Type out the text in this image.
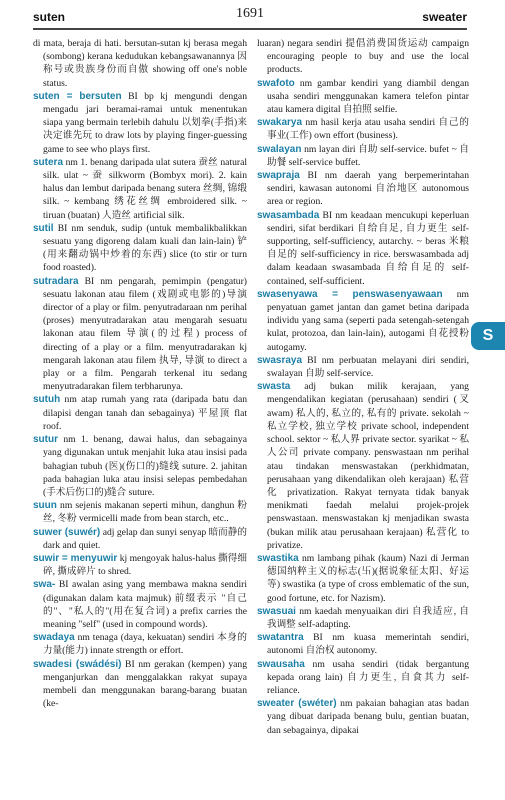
suten	1691	sweater
di mata, beraja di hati. bersutan-sutan kj berasa megah (sombong) kerana kedudukan kebangsawanannya 因称号或贵族身份而自傲 showing off one's noble status.
suten = bersuten BI bp kj mengundi dengan mengadu jari beramai-ramai untuk menentukan siapa yang bermain terlebih dahulu 以划拳(手指)来决定谁先玩 to draw lots by playing finger-guessing game to see who plays first.
sutera nm 1. benang daripada ulat sutera 蚕丝 natural silk. ulat ~ 蚕 silkworm (Bombyx mori). 2. kain halus dan lembut daripada benang sutera 丝绸, 锦缎 silk. ~ kembang 绣花丝绸 embroidered silk. ~ tiruan (buatan) 人造丝 artificial silk.
sutil BI nm senduk, sudip (untuk membalikbalikkan sesuatu yang digoreng dalam kuali dan lain-lain) 铲(用来翻动锅中炒着的东西) slice (to stir or turn food roasted).
sutradara BI nm pengarah, pemimpin (pengatur) sesuatu lakonan atau filem (戏剧或电影的)导演 director of a play or film. penyutradaraan nm perihal (proses) menyutradarakan atau mengarah sesuatu lakonan atau filem 导演(的过程) process of directing of a play or a film. menyutradarakan kj mengarah lakonan atau filem 执导, 导演 to direct a play or a film. Pengarah terkenal itu sedang menyutradarakan filem terbharunya.
sutuh nm atap rumah yang rata (daripada batu dan dilapisi dengan tanah dan sebagainya) 平屋顶 flat roof.
sutur nm 1. benang, dawai halus, dan sebagainya yang digunakan untuk menjahit luka atau insisi pada bahagian tubuh (医)(伤口的)缝线 suture. 2. jahitan pada bahagian luka atau insisi selepas pembedahan (手术后伤口的)缝合 suture.
suun nm sejenis makanan seperti mihun, danghun 粉丝, 冬粉 vermicelli made from bean starch, etc..
suwer (suwér) adj gelap dan sunyi senyap 暗而静的 dark and quiet.
suwir = menyuwir kj mengoyak halus-halus 撕得细碎, 撕成碎片 to shred.
swa- BI awalan asing yang membawa makna sendiri (digunakan dalam kata majmuk) 前缀表示 "自己的"、"私人的"(用在复合词) a prefix carries the meaning "self" (used in compound words).
swadaya nm tenaga (daya, kekuatan) sendiri 本身的力量(能力) innate strength or effort.
swadesi (swádési) BI nm gerakan (kempen) yang menganjurkan dan menggalakkan rakyat supaya membeli dan menggunakan barang-barang buatan (ke-
luaran) negara sendiri 提倡消费国货运动 campaign encouraging people to buy and use the local products.
swafoto nm gambar kendiri yang diambil dengan usaha sendiri menggunakan kamera telefon pintar atau kamera digital 自拍照 selfie.
swakarya nm hasil kerja atau usaha sendiri 自己的事业(工作) own effort (business).
swalayan nm layan diri 自助 self-service. bufet ~ 自助餐 self-service buffet.
swapraja BI nm daerah yang berpemerintahan sendiri, kawasan autonomi 自治地区 autonomous area or region.
swasambada BI nm keadaan mencukupi keperluan sendiri, sifat berdikari 自给自足, 自力更生 self-supporting, self-sufficiency, autarchy. ~ beras 米粮自足的 self-sufficiency in rice. berswasambada adj dalam keadaan swasambada 自给自足的 self-contained, self-sufficient.
swasenyawa = penswasenyawaan nm penyatuan gamet jantan dan gamet betina daripada individu yang sama (seperti pada setengah-setengah kulat, protozoa, dan lain-lain), autogami 自花授粉 autogamy.
swasraya BI nm perbuatan melayani diri sendiri, swalayan 自助 self-service.
swasta adj bukan milik kerajaan, yang mengendalikan kegiatan (perusahaan) sendiri (叉awam) 私人的, 私立的, 私有的 private. sekolah ~ 私立学校, 独立学校 private school, independent school. sektor ~ 私人界 private sector. syarikat ~ 私人公司 private company. penswastaan nm perihal atau tindakan menswastakan (perkhidmatan, perusahaan yang dikendalikan oleh kerajaan) 私营化 privatization. Rakyat ternyata tidak banyak menikmati faedah melalui projek-projek penswastaan. menswastakan kj menjadikan swasta (bukan milik atau perusahaan kerajaan) 私营化 to privatize.
swastika nm lambang pihak (kaum) Nazi di Jerman 德国纳粹主义的标志(卐)(据说象征太阳、好运等) swastika (a type of cross emblematic of the sun, good fortune, etc. for Nazism).
swasuai nm kaedah menyuaikan diri 自我适应, 自我调整 self-adapting.
swatantra BI nm kuasa memerintah sendiri, autonomi 自治权 autonomy.
swausaha nm usaha sendiri (tidak bergantung kepada orang lain) 自力更生, 自食其力 self-reliance.
sweater (swéter) nm pakaian bahagian atas badan yang dibuat daripada benang bulu, gentian buatan, dan sebagainya, dipakai
S
